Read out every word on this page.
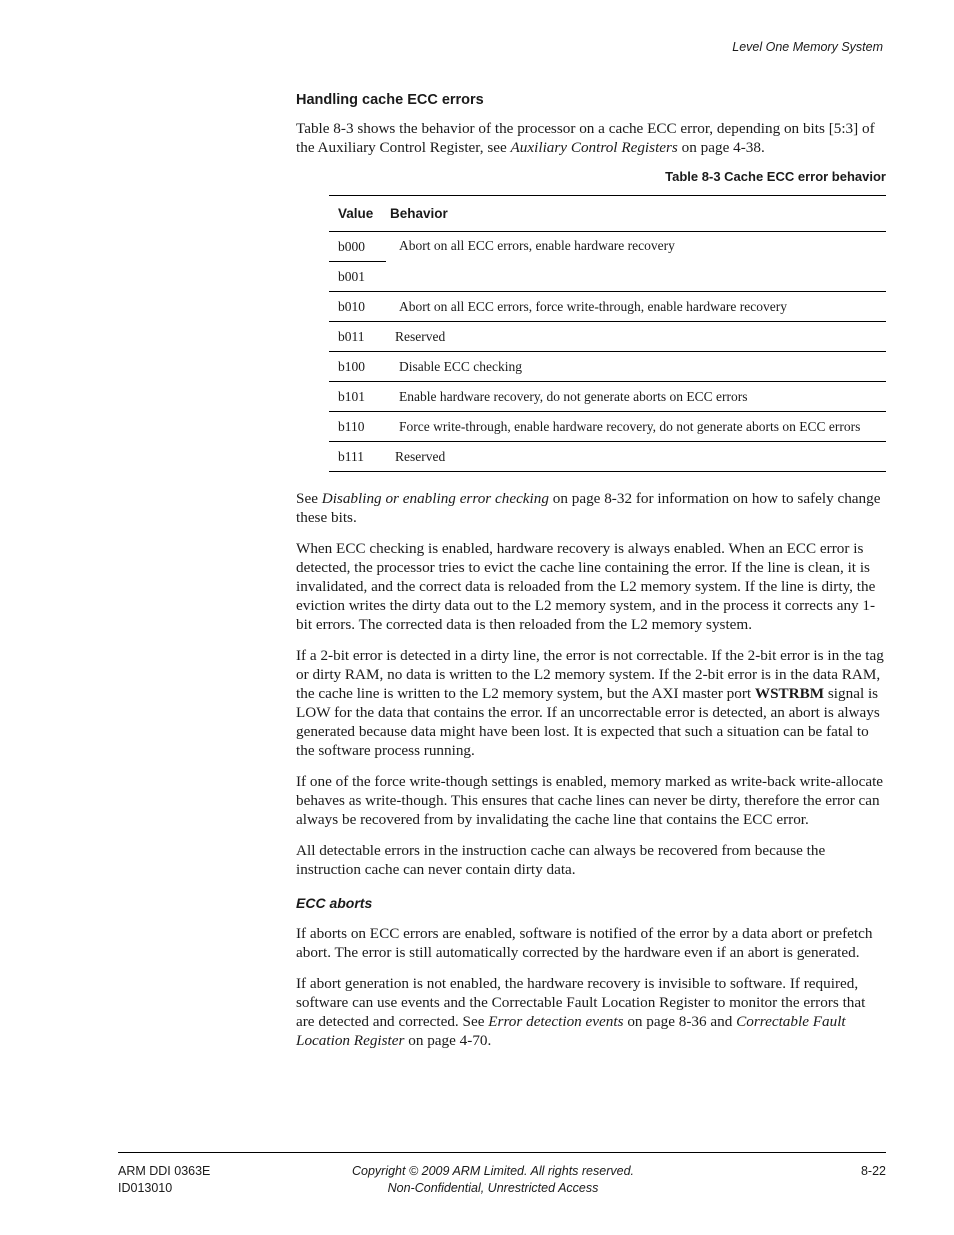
Level One Memory System
Handling cache ECC errors

Table 8-3 shows the behavior of the processor on a cache ECC error, depending on bits [5:3] of the Auxiliary Control Register, see Auxiliary Control Registers on page 4-38.

Table 8-3 Cache ECC error behavior
Value	Behavior
b000	Abort on all ECC errors, enable hardware recovery
b001	
b010	Abort on all ECC errors, force write-through, enable hardware recovery
b011	Reserved
b100	Disable ECC checking
b101	Enable hardware recovery, do not generate aborts on ECC errors
b110	Force write-through, enable hardware recovery, do not generate aborts on ECC errors
b111	Reserved

See Disabling or enabling error checking on page 8-32 for information on how to safely change these bits.

When ECC checking is enabled, hardware recovery is always enabled. When an ECC error is detected, the processor tries to evict the cache line containing the error. If the line is clean, it is invalidated, and the correct data is reloaded from the L2 memory system. If the line is dirty, the eviction writes the dirty data out to the L2 memory system, and in the process it corrects any 1-bit errors. The corrected data is then reloaded from the L2 memory system.

If a 2-bit error is detected in a dirty line, the error is not correctable. If the 2-bit error is in the tag or dirty RAM, no data is written to the L2 memory system. If the 2-bit error is in the data RAM, the cache line is written to the L2 memory system, but the AXI master port WSTRBM signal is LOW for the data that contains the error. If an uncorrectable error is detected, an abort is always generated because data might have been lost. It is expected that such a situation can be fatal to the software process running.

If one of the force write-though settings is enabled, memory marked as write-back write-allocate behaves as write-though. This ensures that cache lines can never be dirty, therefore the error can always be recovered from by invalidating the cache line that contains the ECC error.

All detectable errors in the instruction cache can always be recovered from because the instruction cache can never contain dirty data.

ECC aborts

If aborts on ECC errors are enabled, software is notified of the error by a data abort or prefetch abort. The error is still automatically corrected by the hardware even if an abort is generated.

If abort generation is not enabled, the hardware recovery is invisible to software. If required, software can use events and the Correctable Fault Location Register to monitor the errors that are detected and corrected. See Error detection events on page 8-36 and Correctable Fault Location Register on page 4-70.

ARM DDI 0363E
ID013010
Copyright © 2009 ARM Limited. All rights reserved.
Non-Confidential, Unrestricted Access
8-22
